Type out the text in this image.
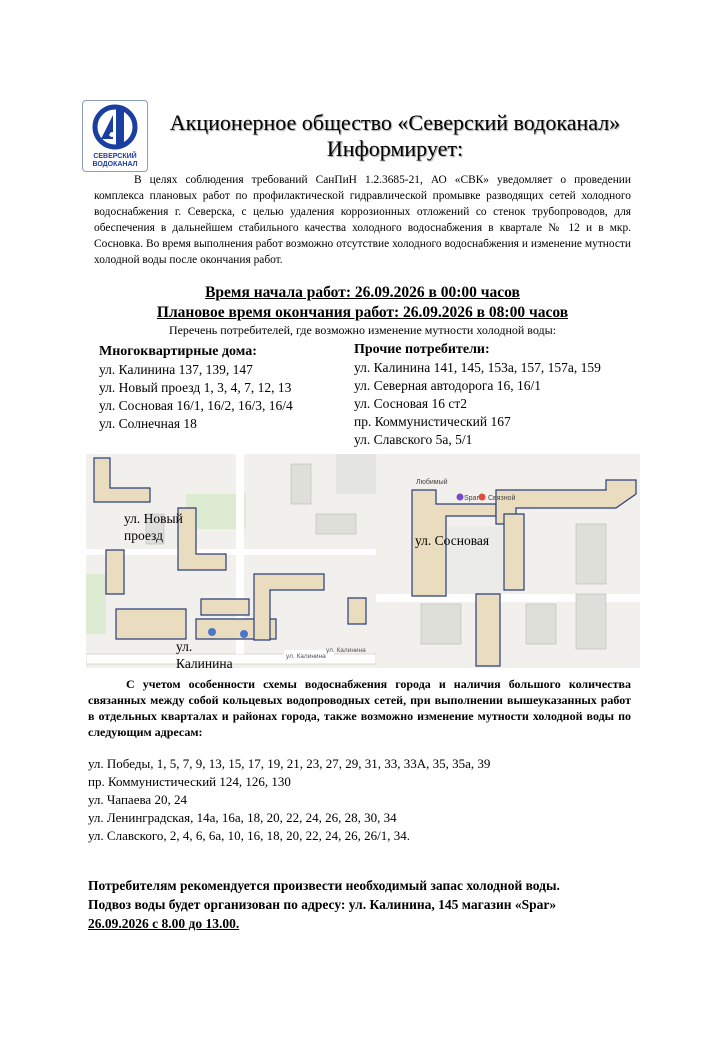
СЕВЕРСКИЙ
ВОДОКАНАЛ
Акционерное общество «Северский водоканал»
Информирует:
В целях соблюдения требований СанПиН 1.2.3685-21, АО «СВК» уведомляет о проведении комплекса плановых работ по профилактической гидравлической промывке разводящих сетей холодного водоснабжения г. Северска, с целью удаления коррозионных отложений со стенок трубопроводов, для обеспечения в дальнейшем стабильного качества холодного водоснабжения в квартале № 12 и в мкр. Сосновка. Во время выполнения работ возможно отсутствие холодного водоснабжения и изменение мутности холодной воды после окончания работ.
Время начала работ: 26.09.2026 в 00:00 часов
Плановое время окончания работ: 26.09.2026 в 08:00 часов
Перечень потребителей, где возможно изменение мутности холодной воды:
Многоквартирные дома:
ул. Калинина 137, 139, 147
ул. Новый проезд 1, 3, 4, 7, 12, 13
ул. Сосновая 16/1, 16/2, 16/3, 16/4
ул. Солнечная 18
Прочие потребители:
ул. Калинина 141, 145, 153а, 157, 157а, 159
ул. Северная автодорога 16, 16/1
ул. Сосновая 16 ст2
пр. Коммунистический 167
ул. Славского 5а, 5/1
ул. Калинина
ул. Калинина
ул. Новый
проезд
ул.
Калинина
Любимый
Spar Связной
ул. Сосновая
С учетом особенности схемы водоснабжения города и наличия большого количества связанных между собой кольцевых водопроводных сетей, при выполнении вышеуказанных работ в отдельных кварталах и районах города, также возможно изменение мутности холодной воды по следующим адресам:
ул. Победы, 1, 5, 7, 9, 13, 15, 17, 19, 21, 23, 27, 29, 31, 33, 33А, 35, 35а, 39
пр. Коммунистический 124, 126, 130
ул. Чапаева 20, 24
ул. Ленинградская, 14а, 16а, 18, 20, 22, 24, 26, 28, 30, 34
ул. Славского, 2, 4, 6, 6а, 10, 16, 18, 20, 22, 24, 26, 26/1, 34.
Потребителям рекомендуется произвести необходимый запас холодной воды.
Подвоз воды будет организован по адресу: ул. Калинина, 145 магазин «Spar»
26.09.2026 с 8.00 до 13.00.
